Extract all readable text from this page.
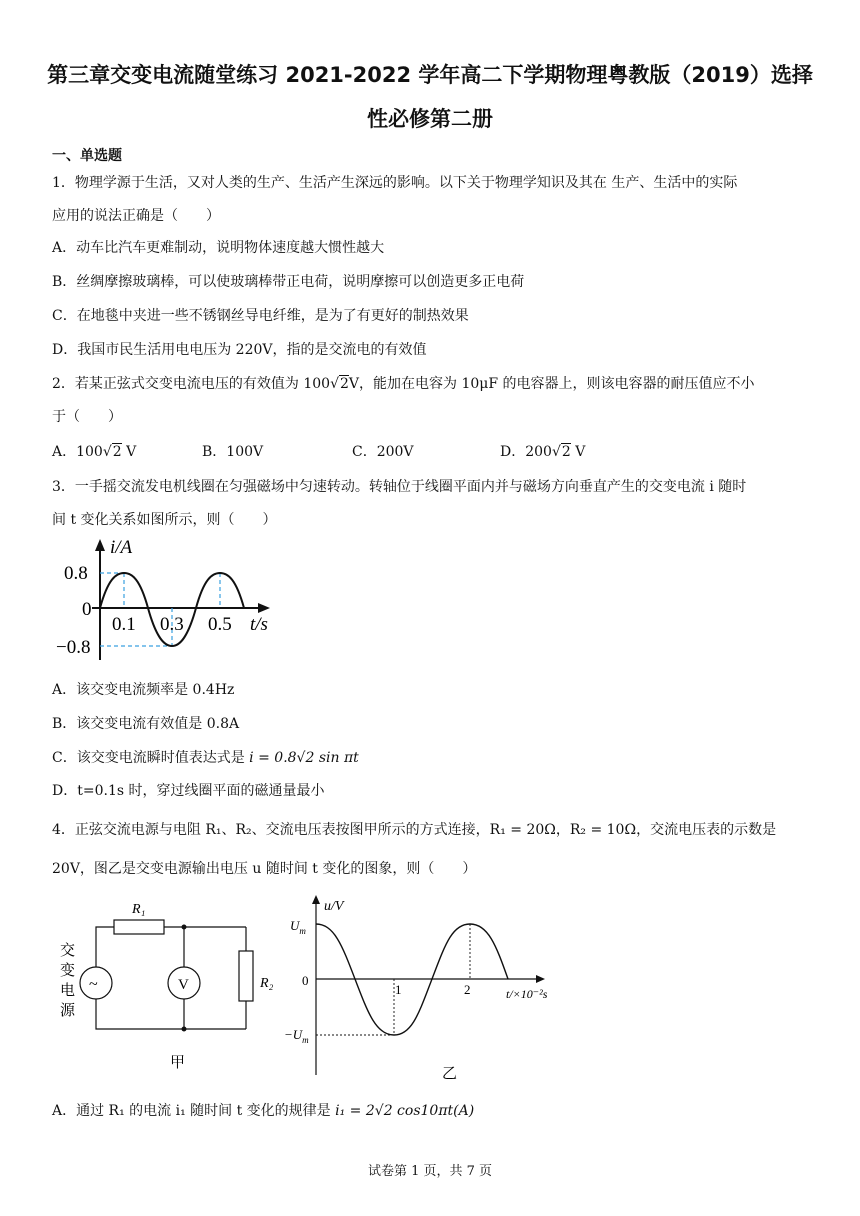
第三章交变电流随堂练习 2021-2022 学年高二下学期物理粤教版（2019）选择
性必修第二册
一、单选题
1．物理学源于生活，又对人类的生产、生活产生深远的影响。以下关于物理学知识及其在 生产、生活中的实际
应用的说法正确是（　　）
A．动车比汽车更难制动，说明物体速度越大惯性越大
B．丝绸摩擦玻璃棒，可以使玻璃棒带正电荷，说明摩擦可以创造更多正电荷
C．在地毯中夹进一些不锈钢丝导电纤维，是为了有更好的制热效果
D．我国市民生活用电电压为 220V，指的是交流电的有效值
2．若某正弦式交变电流电压的有效值为 100√2V，能加在电容为 10μF 的电容器上，则该电容器的耐压值应不小
于（　　）
A．100√2 V	B．100V	C．200V	D．200√2 V
3．一手摇交流发电机线圈在匀强磁场中匀速转动。转轴位于线圈平面内并与磁场方向垂直产生的交变电流 i 随时
间 t 变化关系如图所示，则（　　）
i/A
0.8
0
−0.8
0.1 0.3 0.5 t/s
A．该交变电流频率是 0.4Hz
B．该交变电流有效值是 0.8A
C．该交变电流瞬时值表达式是 i = 0.8√2 sin πt
D．t=0.1s 时，穿过线圈平面的磁通量最小
4．正弦交流电源与电阻 R₁、R₂、交流电压表按图甲所示的方式连接，R₁ = 20Ω，R₂ = 10Ω，交流电压表的示数是
20V，图乙是交变电源输出电压 u 随时间 t 变化的图象，则（　　）
交
变
电
源
R₁
R₂
~	V
甲
u/V
$U_m$
0
$-U_m$
1	2	t/×10⁻²s
乙
A．通过 R₁ 的电流 i₁ 随时间 t 变化的规律是 i₁ = 2√2 cos10πt(A)
试卷第 1 页，共 7 页
